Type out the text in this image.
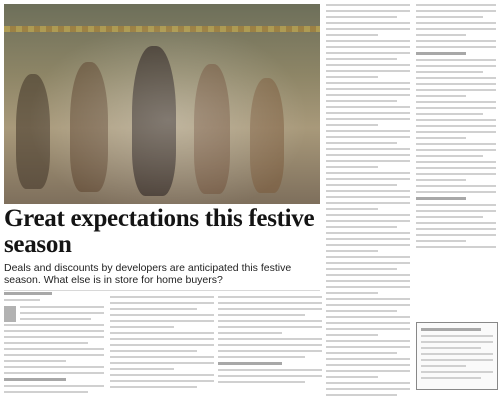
Great expectations this festive season

Deals and discounts by developers are anticipated this festive season. What else is in store for home buyers?
